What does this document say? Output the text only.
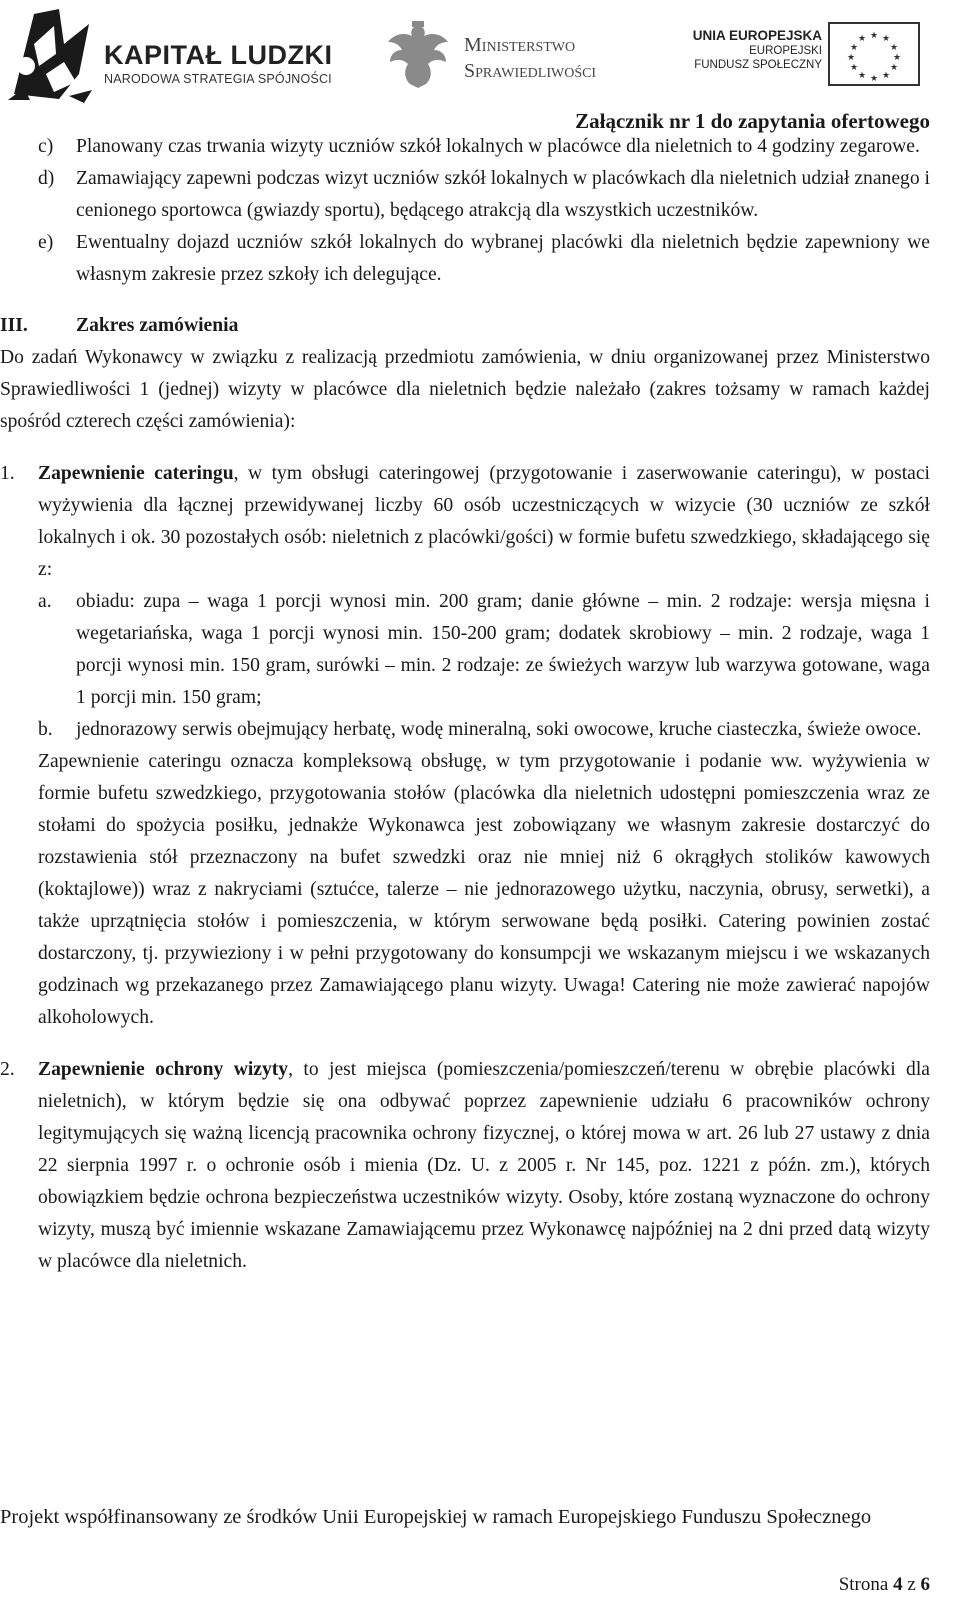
KAPITAŁ LUDZKI
NARODOWA STRATEGIA SPÓJNOŚCI
Ministerstwo
Sprawiedliwości
UNIA EUROPEJSKA
EUROPEJSKI
FUNDUSZ SPOŁECZNY
★ ★
★
★
★
★
★
★
★
★
★
★
Załącznik nr 1 do zapytania ofertowego
c) Planowany czas trwania wizyty uczniów szkół lokalnych w placówce dla nieletnich to 4 godziny zegarowe.
d) Zamawiający zapewni podczas wizyt uczniów szkół lokalnych w placówkach dla nieletnich udział znanego i cenionego sportowca (gwiazdy sportu), będącego atrakcją dla wszystkich uczestników.
e) Ewentualny dojazd uczniów szkół lokalnych do wybranej placówki dla nieletnich będzie zapewniony we własnym zakresie przez szkoły ich delegujące.
III. Zakres zamówienia
Do zadań Wykonawcy w związku z realizacją przedmiotu zamówienia, w dniu organizowanej przez Ministerstwo Sprawiedliwości 1 (jednej) wizyty w placówce dla nieletnich będzie należało (zakres tożsamy w ramach każdej spośród czterech części zamówienia):
1. Zapewnienie cateringu, w tym obsługi cateringowej (przygotowanie i zaserwowanie cateringu), w postaci wyżywienia dla łącznej przewidywanej liczby 60 osób uczestniczących w wizycie (30 uczniów ze szkół lokalnych i ok. 30 pozostałych osób: nieletnich z placówki/gości) w formie bufetu szwedzkiego, składającego się z:
a. obiadu: zupa – waga 1 porcji wynosi min. 200 gram; danie główne – min. 2 rodzaje: wersja mięsna i wegetariańska, waga 1 porcji wynosi min. 150-200 gram; dodatek skrobiowy – min. 2 rodzaje, waga 1 porcji wynosi min. 150 gram, surówki – min. 2 rodzaje: ze świeżych warzyw lub warzywa gotowane, waga 1 porcji min. 150 gram;
b. jednorazowy serwis obejmujący herbatę, wodę mineralną, soki owocowe, kruche ciasteczka, świeże owoce.
Zapewnienie cateringu oznacza kompleksową obsługę, w tym przygotowanie i podanie ww. wyżywienia w formie bufetu szwedzkiego, przygotowania stołów (placówka dla nieletnich udostępni pomieszczenia wraz ze stołami do spożycia posiłku, jednakże Wykonawca jest zobowiązany we własnym zakresie dostarczyć do rozstawienia stół przeznaczony na bufet szwedzki oraz nie mniej niż 6 okrągłych stolików kawowych (koktajlowe)) wraz z nakryciami (sztućce, talerze – nie jednorazowego użytku, naczynia, obrusy, serwetki), a także uprzątnięcia stołów i pomieszczenia, w którym serwowane będą posiłki. Catering powinien zostać dostarczony, tj. przywieziony i w pełni przygotowany do konsumpcji we wskazanym miejscu i we wskazanych godzinach wg przekazanego przez Zamawiającego planu wizyty. Uwaga! Catering nie może zawierać napojów alkoholowych.
2. Zapewnienie ochrony wizyty, to jest miejsca (pomieszczenia/pomieszczeń/terenu w obrębie placówki dla nieletnich), w którym będzie się ona odbywać poprzez zapewnienie udziału 6 pracowników ochrony legitymujących się ważną licencją pracownika ochrony fizycznej, o której mowa w art. 26 lub 27 ustawy z dnia 22 sierpnia 1997 r. o ochronie osób i mienia (Dz. U. z 2005 r. Nr 145, poz. 1221 z późn. zm.), których obowiązkiem będzie ochrona bezpieczeństwa uczestników wizyty. Osoby, które zostaną wyznaczone do ochrony wizyty, muszą być imiennie wskazane Zamawiającemu przez Wykonawcę najpóźniej na 2 dni przed datą wizyty w placówce dla nieletnich.
Projekt współfinansowany ze środków Unii Europejskiej w ramach Europejskiego Funduszu Społecznego
Strona 4 z 6
